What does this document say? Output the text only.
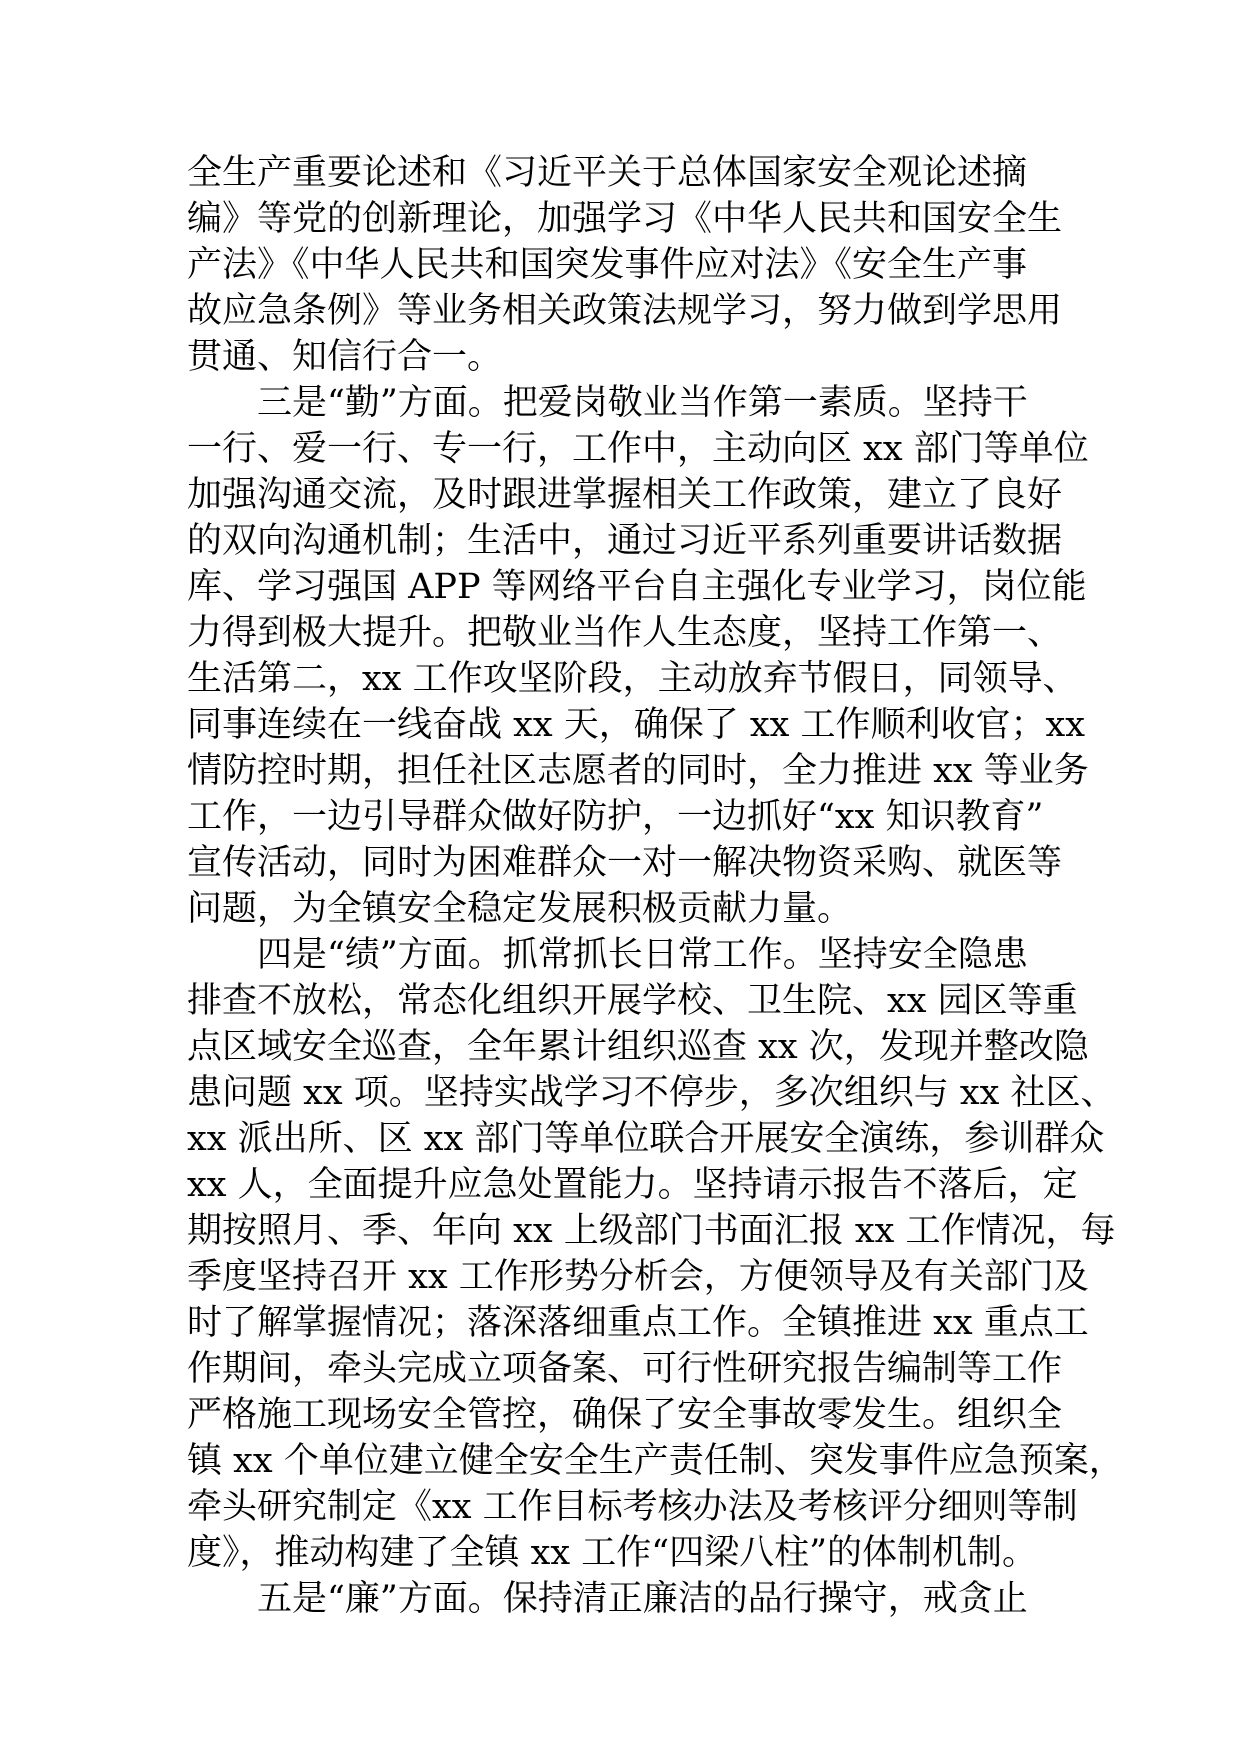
全生产重要论述和《习近平关于总体国家安全观论述摘
编》等党的创新理论，加强学习《中华人民共和国安全生
产法》《中华人民共和国突发事件应对法》《安全生产事
故应急条例》等业务相关政策法规学习，努力做到学思用
贯通、知信行合一。
　　三是“勤”方面。把爱岗敬业当作第一素质。坚持干
一行、爱一行、专一行，工作中，主动向区 xx 部门等单位
加强沟通交流，及时跟进掌握相关工作政策，建立了良好
的双向沟通机制；生活中，通过习近平系列重要讲话数据
库、学习强国 APP 等网络平台自主强化专业学习，岗位能
力得到极大提升。把敬业当作人生态度，坚持工作第一、
生活第二，xx 工作攻坚阶段，主动放弃节假日，同领导、
同事连续在一线奋战 xx 天，确保了 xx 工作顺利收官；xx
情防控时期，担任社区志愿者的同时，全力推进 xx 等业务
工作，一边引导群众做好防护，一边抓好“xx 知识教育”
宣传活动，同时为困难群众一对一解决物资采购、就医等
问题，为全镇安全稳定发展积极贡献力量。
　　四是“绩”方面。抓常抓长日常工作。坚持安全隐患
排查不放松，常态化组织开展学校、卫生院、xx 园区等重
点区域安全巡查，全年累计组织巡查 xx 次，发现并整改隐
患问题 xx 项。坚持实战学习不停步，多次组织与 xx 社区、
xx 派出所、区 xx 部门等单位联合开展安全演练，参训群众
xx 人，全面提升应急处置能力。坚持请示报告不落后，定
期按照月、季、年向 xx 上级部门书面汇报 xx 工作情况，每
季度坚持召开 xx 工作形势分析会，方便领导及有关部门及
时了解掌握情况；落深落细重点工作。全镇推进 xx 重点工
作期间，牵头完成立项备案、可行性研究报告编制等工作
严格施工现场安全管控，确保了安全事故零发生。组织全
镇 xx 个单位建立健全安全生产责任制、突发事件应急预案，
牵头研究制定《xx 工作目标考核办法及考核评分细则等制
度》，推动构建了全镇 xx 工作“四梁八柱”的体制机制。
　　五是“廉”方面。保持清正廉洁的品行操守，戒贪止
